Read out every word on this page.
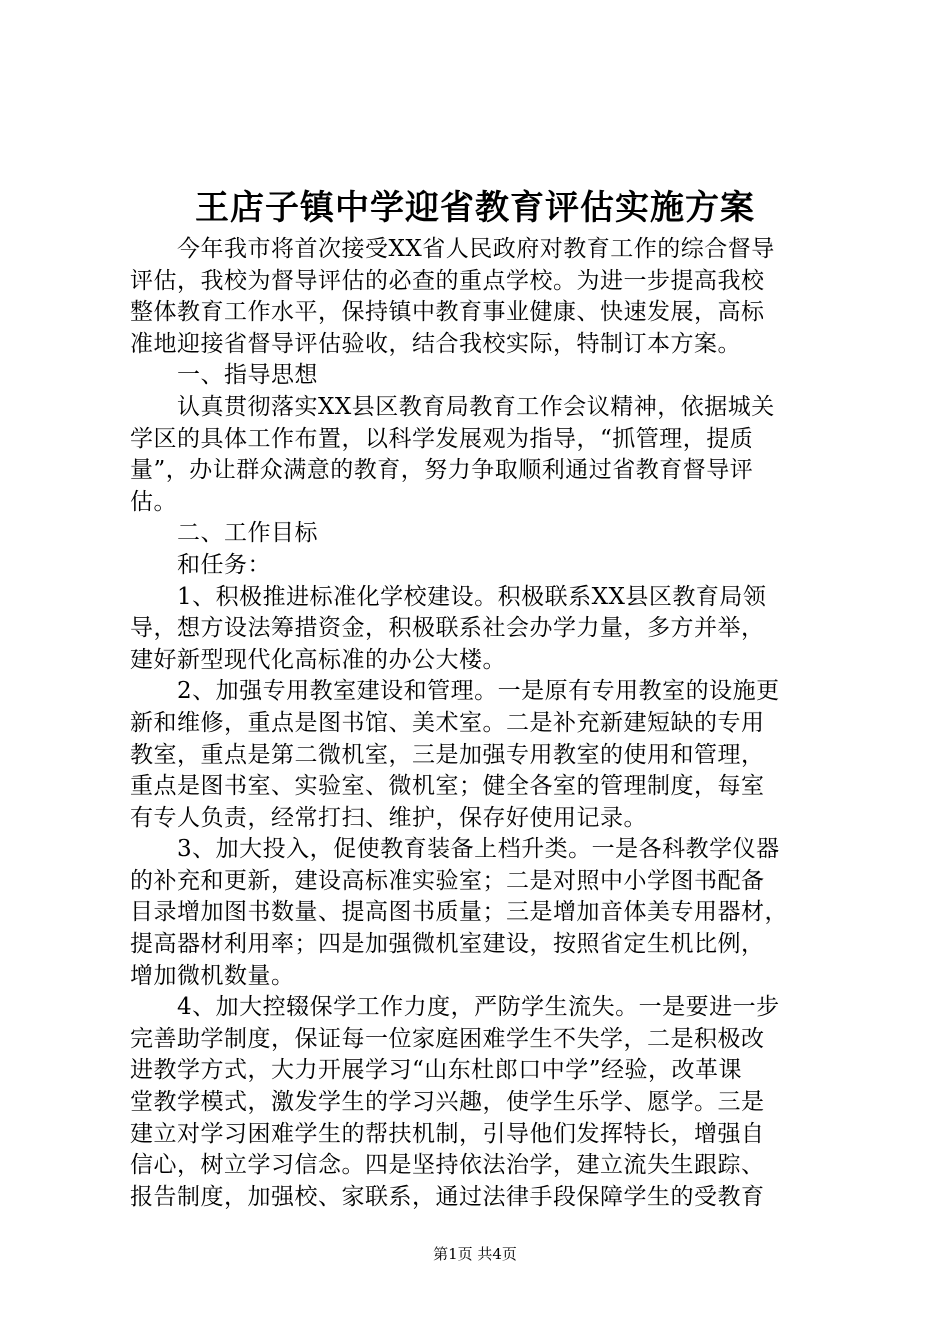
王店子镇中学迎省教育评估实施方案
　　今年我市将首次接受XX省人民政府对教育工作的综合督导
评估，我校为督导评估的必查的重点学校。为进一步提高我校
整体教育工作水平，保持镇中教育事业健康、快速发展，高标
准地迎接省督导评估验收，结合我校实际，特制订本方案。
　　一、指导思想
　　认真贯彻落实XX县区教育局教育工作会议精神，依据城关
学区的具体工作布置，以科学发展观为指导，“抓管理，提质
量”，办让群众满意的教育，努力争取顺利通过省教育督导评
估。
　　二、工作目标
　　和任务：
　　1、积极推进标准化学校建设。积极联系XX县区教育局领
导，想方设法筹措资金，积极联系社会办学力量，多方并举，
建好新型现代化高标准的办公大楼。
　　2、加强专用教室建设和管理。一是原有专用教室的设施更
新和维修，重点是图书馆、美术室。二是补充新建短缺的专用
教室，重点是第二微机室，三是加强专用教室的使用和管理，
重点是图书室、实验室、微机室；健全各室的管理制度，每室
有专人负责，经常打扫、维护，保存好使用记录。
　　3、加大投入，促使教育装备上档升类。一是各科教学仪器
的补充和更新，建设高标准实验室；二是对照中小学图书配备
目录增加图书数量、提高图书质量；三是增加音体美专用器材，
提高器材利用率；四是加强微机室建设，按照省定生机比例，
增加微机数量。
　　4、加大控辍保学工作力度，严防学生流失。一是要进一步
完善助学制度，保证每一位家庭困难学生不失学，二是积极改
进教学方式，大力开展学习“山东杜郎口中学”经验，改革课
堂教学模式，激发学生的学习兴趣，使学生乐学、愿学。三是
建立对学习困难学生的帮扶机制，引导他们发挥特长，增强自
信心，树立学习信念。四是坚持依法治学，建立流失生跟踪、
报告制度，加强校、家联系，通过法律手段保障学生的受教育
第1页 共4页
